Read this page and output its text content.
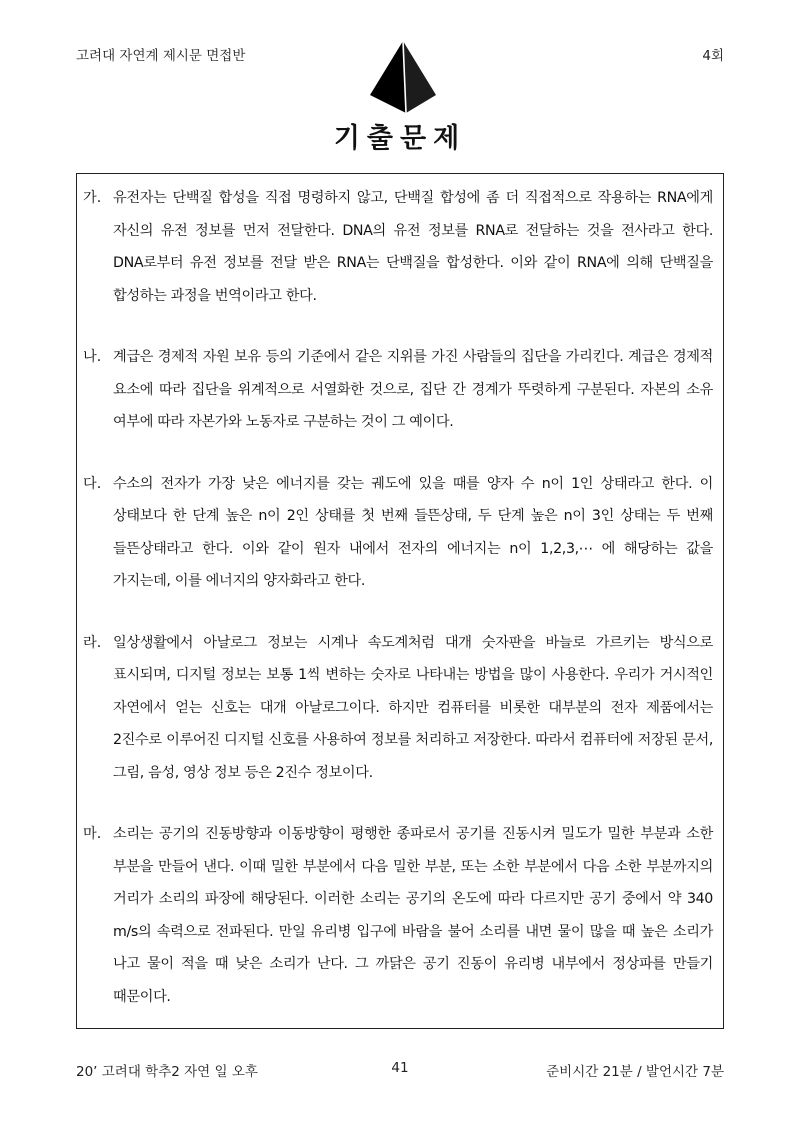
고려대 자연계 제시문 면접반	4회
기출문제
가. 유전자는 단백질 합성을 직접 명령하지 않고, 단백질 합성에 좀 더 직접적으로 작용하는 RNA에게 자신의 유전 정보를 먼저 전달한다. DNA의 유전 정보를 RNA로 전달하는 것을 전사라고 한다. DNA로부터 유전 정보를 전달 받은 RNA는 단백질을 합성한다. 이와 같이 RNA에 의해 단백질을 합성하는 과정을 번역이라고 한다.
나. 계급은 경제적 자원 보유 등의 기준에서 같은 지위를 가진 사람들의 집단을 가리킨다. 계급은 경제적 요소에 따라 집단을 위계적으로 서열화한 것으로, 집단 간 경계가 뚜렷하게 구분된다. 자본의 소유 여부에 따라 자본가와 노동자로 구분하는 것이 그 예이다.
다. 수소의 전자가 가장 낮은 에너지를 갖는 궤도에 있을 때를 양자 수 n이 1인 상태라고 한다. 이 상태보다 한 단계 높은 n이 2인 상태를 첫 번째 들뜬상태, 두 단계 높은 n이 3인 상태는 두 번째 들뜬상태라고 한다. 이와 같이 원자 내에서 전자의 에너지는 n이 1,2,3,⋯ 에 해당하는 값을 가지는데, 이를 에너지의 양자화라고 한다.
라. 일상생활에서 아날로그 정보는 시계나 속도계처럼 대개 숫자판을 바늘로 가르키는 방식으로 표시되며, 디지털 정보는 보통 1씩 변하는 숫자로 나타내는 방법을 많이 사용한다. 우리가 거시적인 자연에서 얻는 신호는 대개 아날로그이다. 하지만 컴퓨터를 비롯한 대부분의 전자 제품에서는 2진수로 이루어진 디지털 신호를 사용하여 정보를 처리하고 저장한다. 따라서 컴퓨터에 저장된 문서, 그림, 음성, 영상 정보 등은 2진수 정보이다.
마. 소리는 공기의 진동방향과 이동방향이 평행한 종파로서 공기를 진동시켜 밀도가 밀한 부분과 소한 부분을 만들어 낸다. 이때 밀한 부분에서 다음 밀한 부분, 또는 소한 부분에서 다음 소한 부분까지의 거리가 소리의 파장에 해당된다. 이러한 소리는 공기의 온도에 따라 다르지만 공기 중에서 약 340 m/s의 속력으로 전파된다. 만일 유리병 입구에 바람을 불어 소리를 내면 물이 많을 때 높은 소리가 나고 물이 적을 때 낮은 소리가 난다. 그 까닭은 공기 진동이 유리병 내부에서 정상파를 만들기 때문이다.
20’ 고려대 학추2 자연 일 오후	41	준비시간 21분 / 발언시간 7분
